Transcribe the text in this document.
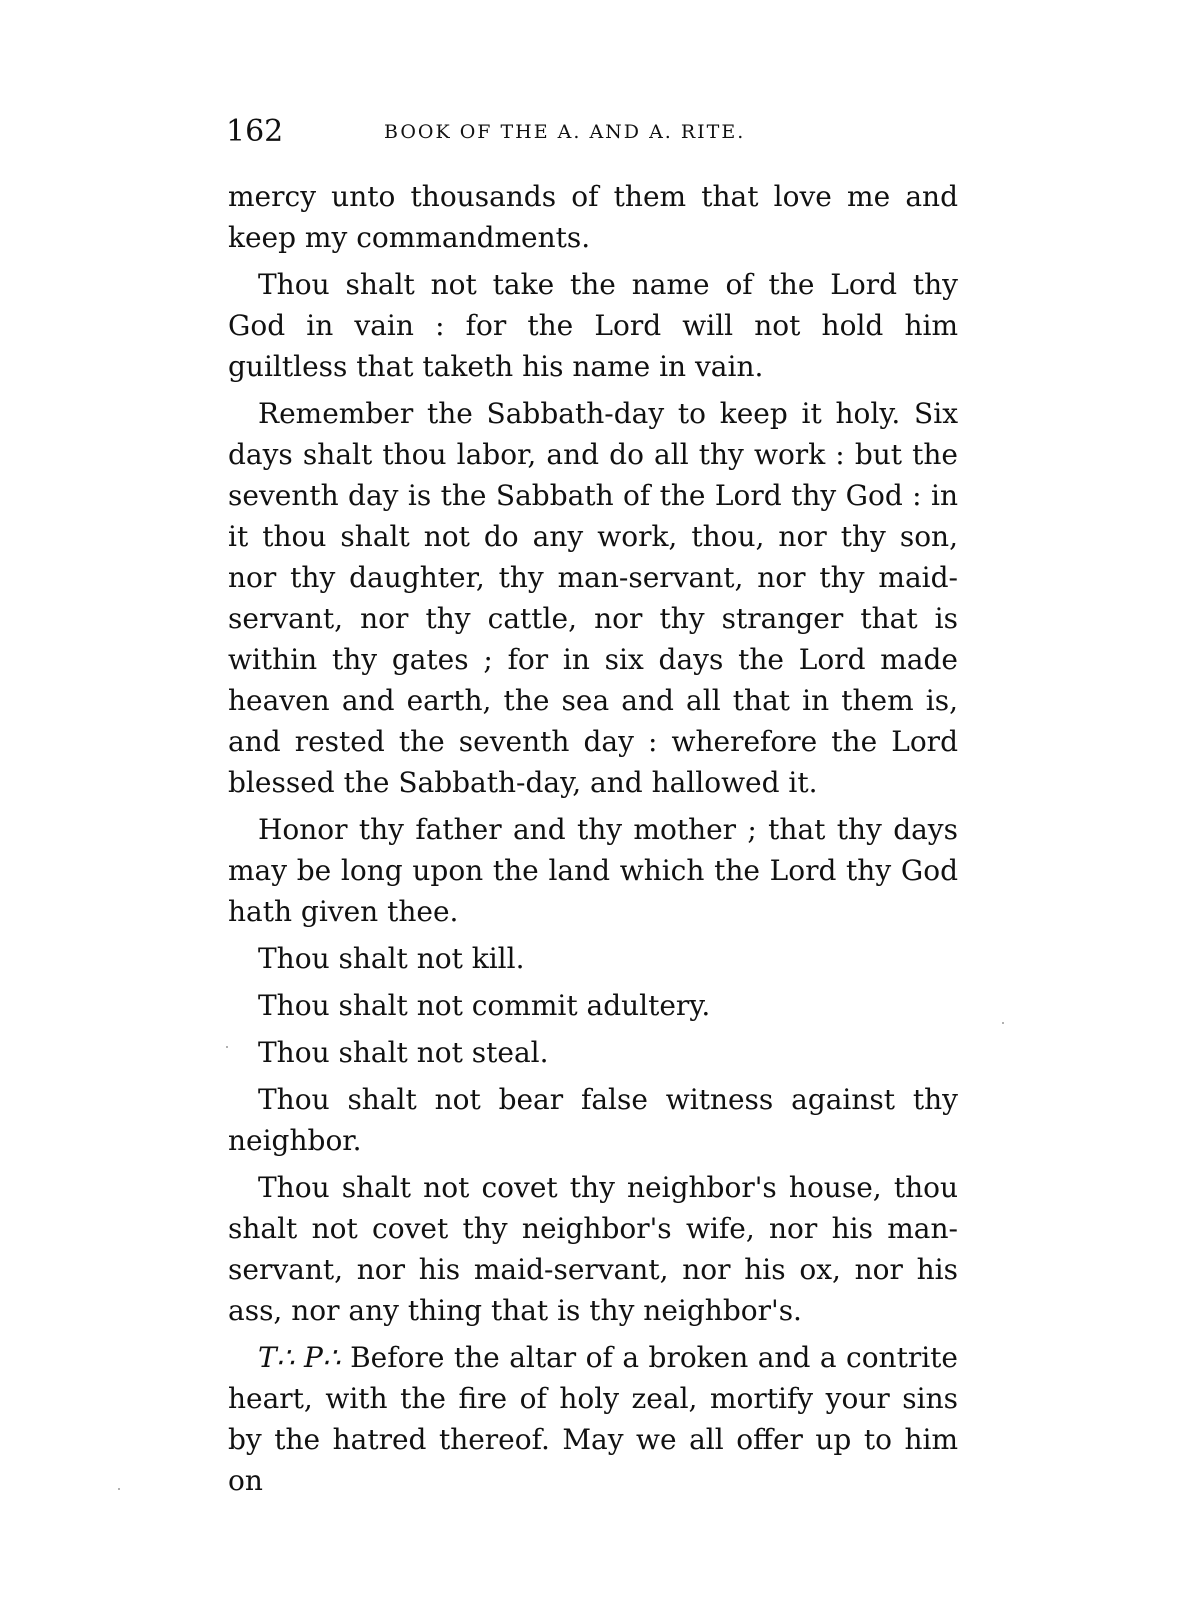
162	BOOK OF THE A. AND A. RITE.

mercy unto thousands of them that love me and keep my commandments.

Thou shalt not take the name of the Lord thy God in vain : for the Lord will not hold him guiltless that taketh his name in vain.

Remember the Sabbath-day to keep it holy. Six days shalt thou labor, and do all thy work : but the seventh day is the Sabbath of the Lord thy God : in it thou shalt not do any work, thou, nor thy son, nor thy daughter, thy man-servant, nor thy maid-servant, nor thy cattle, nor thy stranger that is within thy gates ; for in six days the Lord made heaven and earth, the sea and all that in them is, and rested the seventh day : wherefore the Lord blessed the Sabbath-day, and hallowed it.

Honor thy father and thy mother ; that thy days may be long upon the land which the Lord thy God hath given thee.

Thou shalt not kill.

Thou shalt not commit adultery.

Thou shalt not steal.

Thou shalt not bear false witness against thy neighbor.

Thou shalt not covet thy neighbor's house, thou shalt not covet thy neighbor's wife, nor his man-servant, nor his maid-servant, nor his ox, nor his ass, nor any thing that is thy neighbor's.

T∴ P∴ Before the altar of a broken and a contrite heart, with the fire of holy zeal, mortify your sins by the hatred thereof. May we all offer up to him on
